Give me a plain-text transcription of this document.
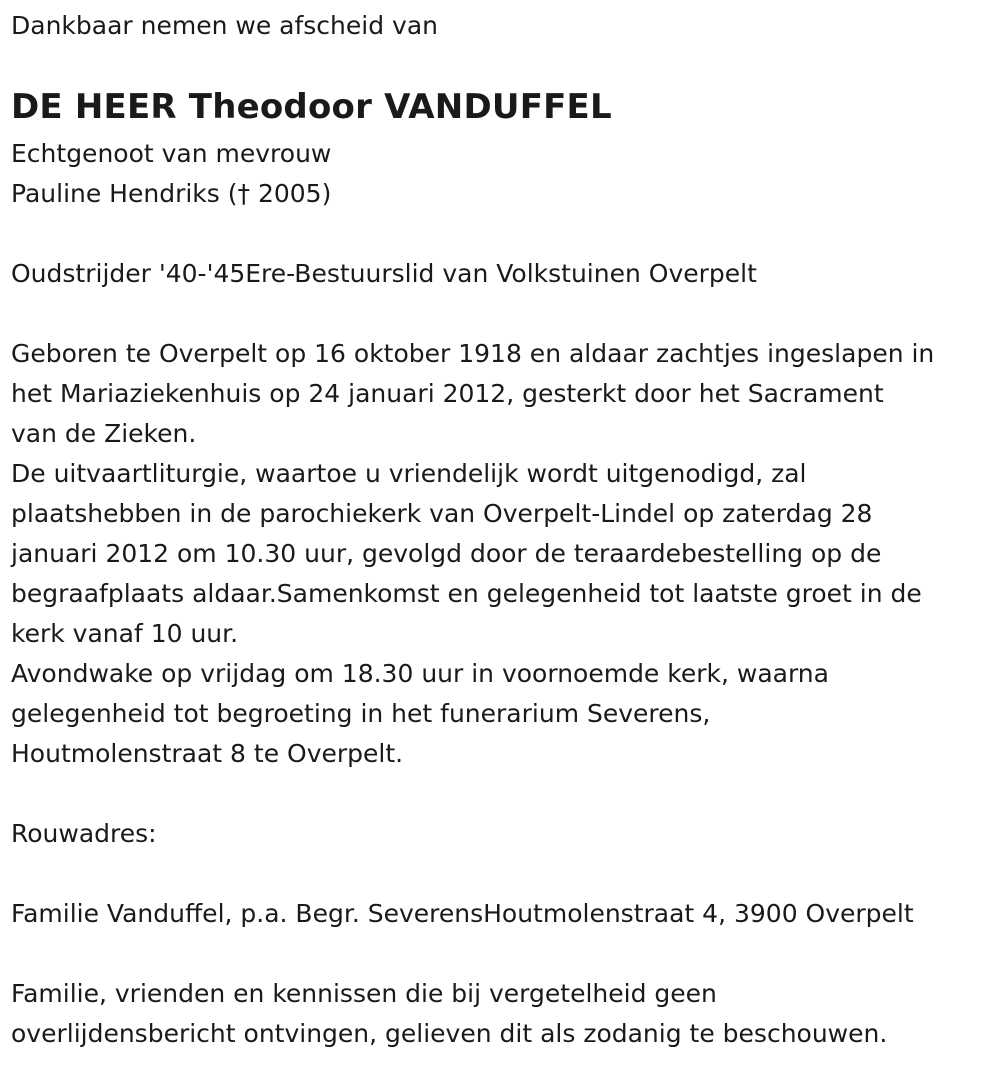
Dankbaar nemen we afscheid van

DE HEER Theodoor VANDUFFEL

Echtgenoot van mevrouw

Pauline Hendriks († 2005)

Oudstrijder '40-'45Ere-Bestuurslid van Volkstuinen Overpelt

Geboren te Overpelt op 16 oktober 1918 en aldaar zachtjes ingeslapen in

het Mariaziekenhuis op 24 januari 2012, gesterkt door het Sacrament

van de Zieken.

De uitvaartliturgie, waartoe u vriendelijk wordt uitgenodigd, zal

plaatshebben in de parochiekerk van Overpelt-Lindel op zaterdag 28

januari 2012 om 10.30 uur, gevolgd door de teraardebestelling op de

begraafplaats aldaar.Samenkomst en gelegenheid tot laatste groet in de

kerk vanaf 10 uur.

Avondwake op vrijdag om 18.30 uur in voornoemde kerk, waarna

gelegenheid tot begroeting in het funerarium Severens,

Houtmolenstraat 8 te Overpelt.

Rouwadres:

Familie Vanduffel, p.a. Begr. SeverensHoutmolenstraat 4, 3900 Overpelt

Familie, vrienden en kennissen die bij vergetelheid geen

overlijdensbericht ontvingen, gelieven dit als zodanig te beschouwen.
